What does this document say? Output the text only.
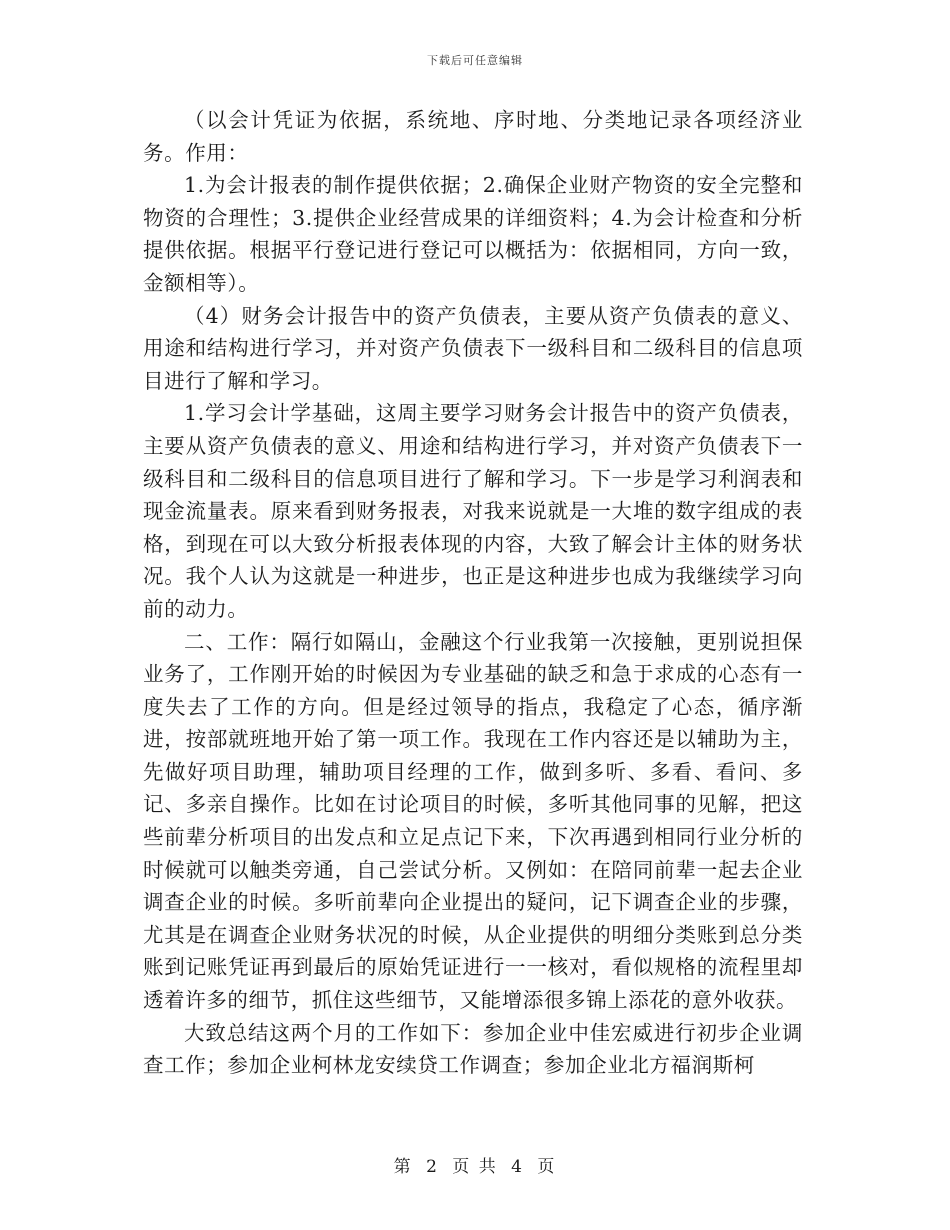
下载后可任意编辑

（以会计凭证为依据，系统地、序时地、分类地记录各项经济业务。作用：

1.为会计报表的制作提供依据；2.确保企业财产物资的安全完整和物资的合理性；3.提供企业经营成果的详细资料；4.为会计检查和分析提供依据。根据平行登记进行登记可以概括为：依据相同，方向一致，金额相等）。

（4）财务会计报告中的资产负债表，主要从资产负债表的意义、用途和结构进行学习，并对资产负债表下一级科目和二级科目的信息项目进行了解和学习。

1.学习会计学基础，这周主要学习财务会计报告中的资产负债表，主要从资产负债表的意义、用途和结构进行学习，并对资产负债表下一级科目和二级科目的信息项目进行了解和学习。下一步是学习利润表和现金流量表。原来看到财务报表，对我来说就是一大堆的数字组成的表格，到现在可以大致分析报表体现的内容，大致了解会计主体的财务状况。我个人认为这就是一种进步，也正是这种进步也成为我继续学习向前的动力。

二、工作：隔行如隔山，金融这个行业我第一次接触，更别说担保业务了，工作刚开始的时候因为专业基础的缺乏和急于求成的心态有一度失去了工作的方向。但是经过领导的指点，我稳定了心态，循序渐进，按部就班地开始了第一项工作。我现在工作内容还是以辅助为主，先做好项目助理，辅助项目经理的工作，做到多听、多看、看问、多记、多亲自操作。比如在讨论项目的时候，多听其他同事的见解，把这些前辈分析项目的出发点和立足点记下来，下次再遇到相同行业分析的时候就可以触类旁通，自己尝试分析。又例如：在陪同前辈一起去企业调查企业的时候。多听前辈向企业提出的疑问，记下调查企业的步骤，尤其是在调查企业财务状况的时候，从企业提供的明细分类账到总分类账到记账凭证再到最后的原始凭证进行一一核对，看似规格的流程里却透着许多的细节，抓住这些细节，又能增添很多锦上添花的意外收获。

大致总结这两个月的工作如下：参加企业中佳宏威进行初步企业调查工作；参加企业柯林龙安续贷工作调查；参加企业北方福润斯柯

第 2 页 共 4 页
